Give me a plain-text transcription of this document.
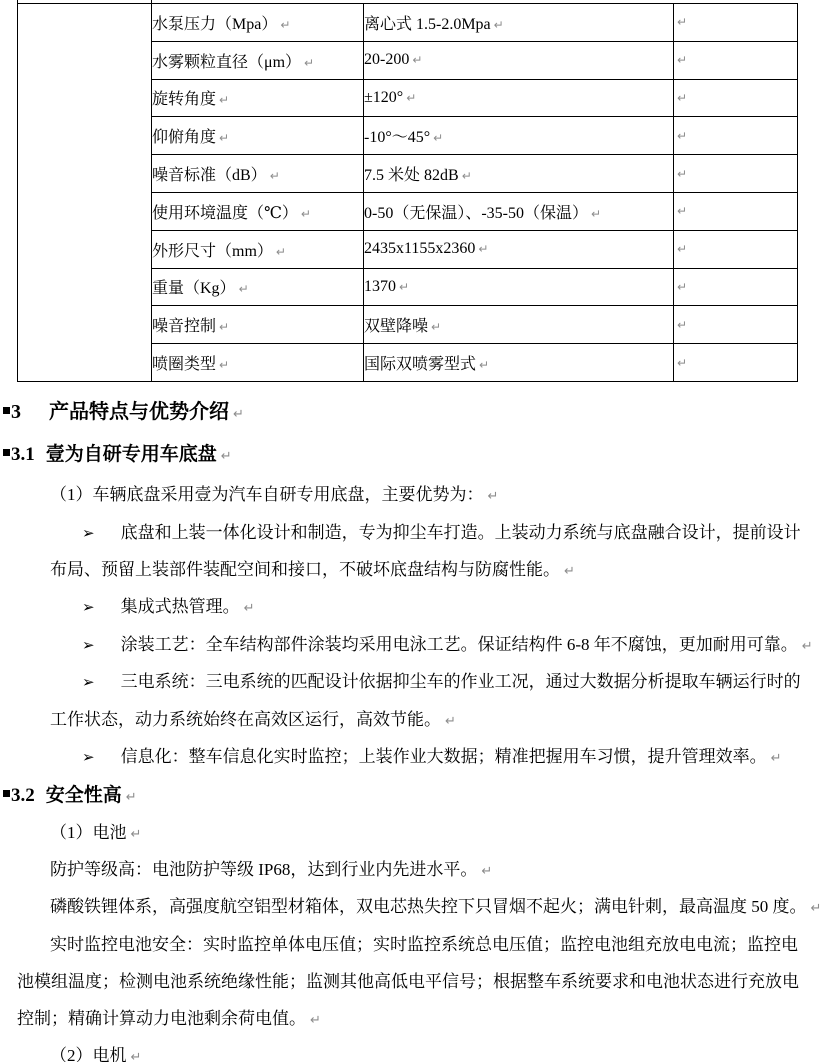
	水泵压力（Mpa） ↵	离心式 1.5-2.0Mpa ↵	↵
	水雾颗粒直径（μm） ↵	20-200 ↵	↵
	旋转角度 ↵	±120° ↵	↵
	仰俯角度 ↵	-10°～45° ↵	↵
	噪音标准（dB） ↵	7.5 米处 82dB ↵	↵
	使用环境温度（℃） ↵	0-50（无保温）、-35-50（保温） ↵	↵
	外形尺寸（mm） ↵	2435x1155x2360 ↵	↵
	重量（Kg） ↵	1370 ↵	↵
	噪音控制 ↵	双壁降噪 ↵	↵
	喷圈类型 ↵	国际双喷雾型式 ↵	↵
3 产品特点与优势介绍 ↵
3.1 壹为自研专用车底盘 ↵
（1）车辆底盘采用壹为汽车自研专用底盘，主要优势为： ↵
➢ 底盘和上装一体化设计和制造，专为抑尘车打造。上装动力系统与底盘融合设计，提前设计
布局、预留上装部件装配空间和接口，不破坏底盘结构与防腐性能。 ↵
➢ 集成式热管理。 ↵
➢ 涂装工艺：全车结构部件涂装均采用电泳工艺。保证结构件 6-8 年不腐蚀，更加耐用可靠。 ↵
➢ 三电系统：三电系统的匹配设计依据抑尘车的作业工况，通过大数据分析提取车辆运行时的
工作状态，动力系统始终在高效区运行，高效节能。 ↵
➢ 信息化：整车信息化实时监控；上装作业大数据；精准把握用车习惯，提升管理效率。 ↵
3.2 安全性高 ↵
（1）电池 ↵
防护等级高：电池防护等级 IP68，达到行业内先进水平。 ↵
磷酸铁锂体系，高强度航空铝型材箱体，双电芯热失控下只冒烟不起火；满电针刺，最高温度 50 度。 ↵
实时监控电池安全：实时监控单体电压值；实时监控系统总电压值；监控电池组充放电电流；监控电
池模组温度；检测电池系统绝缘性能；监测其他高低电平信号；根据整车系统要求和电池状态进行充放电
控制；精确计算动力电池剩余荷电值。 ↵
（2）电机 ↵
